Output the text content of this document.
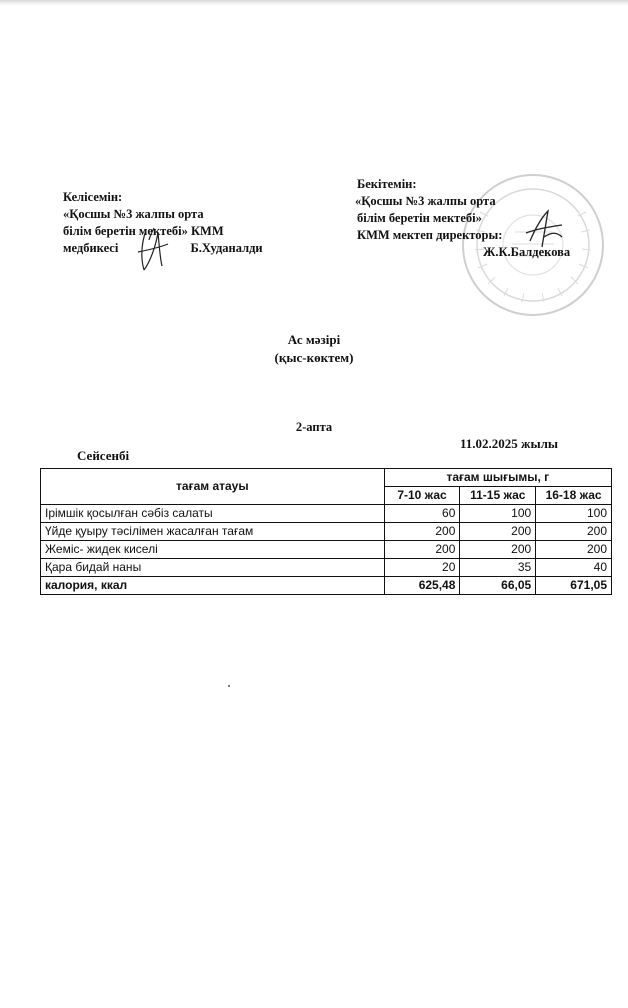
Келісемін:
«Қосшы №3 жалпы орта
білім беретін мектебі» КММ
медбикесі	Б.Худаналди
Бекітемін:
«Қосшы №3 жалпы орта
білім беретін мектебі»
КММ мектеп директоры:
Ж.К.Балдекова
Ас мәзірі
(қыс-көктем)
2-апта
Сейсенбі
11.02.2025 жылы
тағам атауы	тағам шығымы, г		
	7-10 жас	11-15 жас	16-18 жас
Ірімшік қосылған сәбіз салаты	60	100	100
Үйде қуыру тәсілімен жасалған тағам	200	200	200
Жеміс- жидек киселі	200	200	200
Қара бидай наны	20	35	40
калория, ккал	625,48	66,05	671,05
